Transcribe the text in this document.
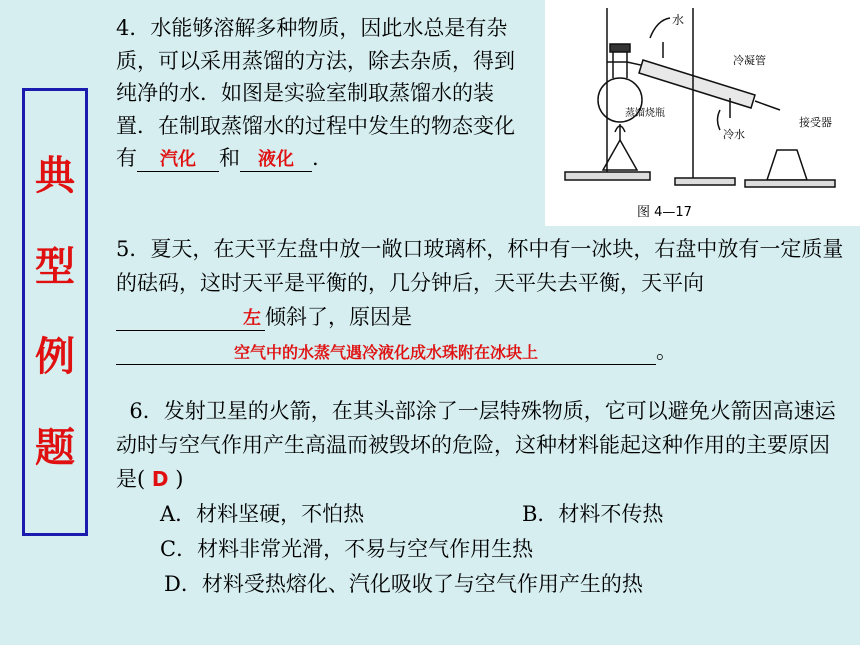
典
型
例
题
4．水能够溶解多种物质，因此水总是有杂质，可以采用蒸馏的方法，除去杂质，得到纯净的水．如图是实验室制取蒸馏水的装置．在制取蒸馏水的过程中发生的物态变化有 汽化 和 液化 .
水
冷凝管
蒸馏烧瓶
冷水
接受器
图 4—17
5．夏天，在天平左盘中放一敞口玻璃杯，杯中有一冰块，右盘中放有一定质量的砝码，这时天平是平衡的，几分钟后，天平失去平衡，天平向左 倾斜了，原因是 空气中的水蒸气遇冷液化成水珠附在冰块上	。
6．发射卫星的火箭，在其头部涂了一层特殊物质，它可以避免火箭因高速运动时与空气作用产生高温而被毁坏的危险，这种材料能起这种作用的主要原因是( D )
A．材料坚硬，不怕热	B．材料不传热
C．材料非常光滑，不易与空气作用生热
D．材料受热熔化、汽化吸收了与空气作用产生的热
